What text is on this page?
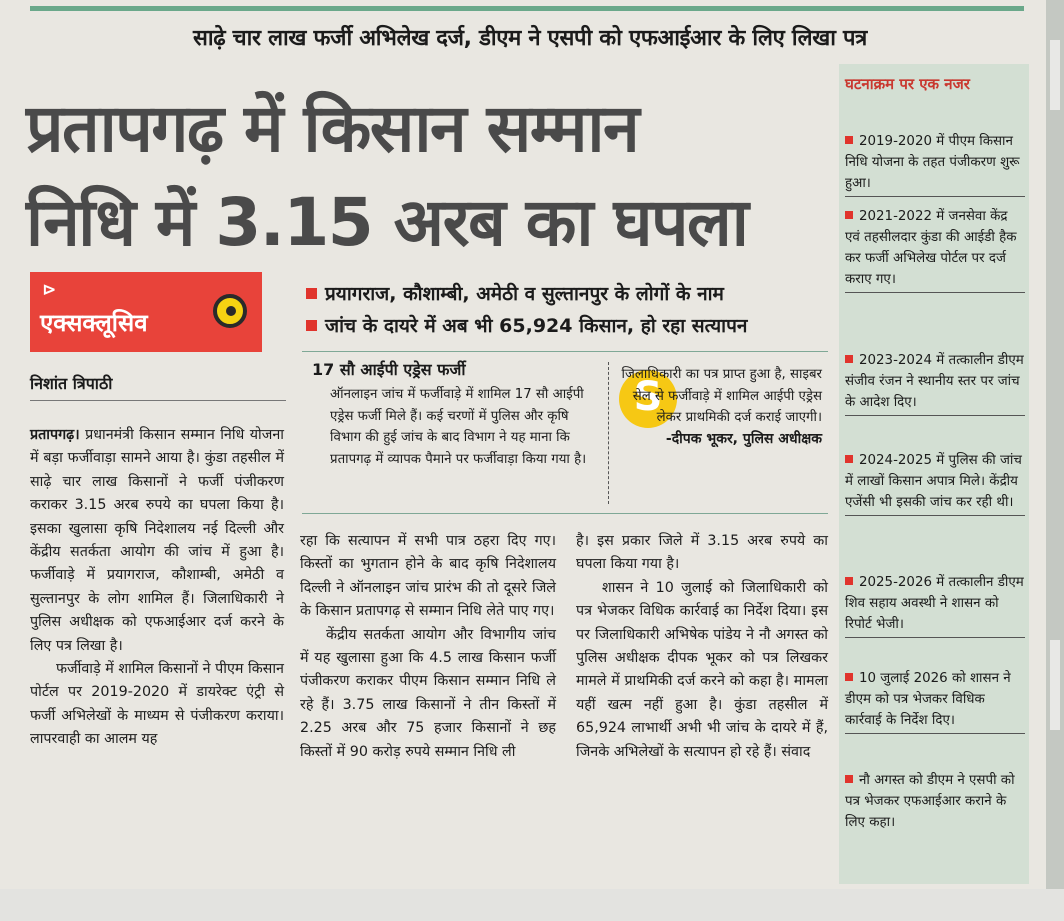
साढ़े चार लाख फर्जी अभिलेख दर्ज, डीएम ने एसपी को एफआईआर के लिए लिखा पत्र
प्रतापगढ़ में किसान सम्मान
निधि में 3.15 अरब का घपला
⊳
एक्सक्लूसिव
प्रयागराज, कौशाम्बी, अमेठी व सुल्तानपुर के लोगों के नाम
जांच के दायरे में अब भी 65,924 किसान, हो रहा सत्यापन
निशांत त्रिपाठी

प्रतापगढ़। प्रधानमंत्री किसान सम्मान निधि योजना में बड़ा फर्जीवाड़ा सामने आया है। कुंडा तहसील में साढ़े चार लाख किसानों ने फर्जी पंजीकरण कराकर 3.15 अरब रुपये का घपला किया है। इसका खुलासा कृषि निदेशालय नई दिल्ली और केंद्रीय सतर्कता आयोग की जांच में हुआ है। फर्जीवाड़े में प्रयागराज, कौशाम्बी, अमेठी व सुल्तानपुर के लोग शामिल हैं। जिलाधिकारी ने पुलिस अधीक्षक को एफआईआर दर्ज करने के लिए पत्र लिखा है।

फर्जीवाड़े में शामिल किसानों ने पीएम किसान पोर्टल पर 2019-2020 में डायरेक्ट एंट्री से फर्जी अभिलेखों के माध्यम से पंजीकरण कराया। लापरवाही का आलम यह

17 सौ आईपी एड्रेस फर्जी
ऑनलाइन जांच में फर्जीवाड़े में शामिल 17 सौ आईपी एड्रेस फर्जी मिले हैं। कई चरणों में पुलिस और कृषि विभाग की हुई जांच के बाद विभाग ने यह माना कि प्रतापगढ़ में व्यापक पैमाने पर फर्जीवाड़ा किया गया है।
S
जिलाधिकारी का पत्र प्राप्त हुआ है, साइबर सेल से फर्जीवाड़े में शामिल आईपी एड्रेस लेकर प्राथमिकी दर्ज कराई जाएगी।
-दीपक भूकर, पुलिस अधीक्षक

रहा कि सत्यापन में सभी पात्र ठहरा दिए गए। किस्तों का भुगतान होने के बाद कृषि निदेशालय दिल्ली ने ऑनलाइन जांच प्रारंभ की तो दूसरे जिले के किसान प्रतापगढ़ से सम्मान निधि लेते पाए गए।

केंद्रीय सतर्कता आयोग और विभागीय जांच में यह खुलासा हुआ कि 4.5 लाख किसान फर्जी पंजीकरण कराकर पीएम किसान सम्मान निधि ले रहे हैं। 3.75 लाख किसानों ने तीन किस्तों में 2.25 अरब और 75 हजार किसानों ने छह किस्तों में 90 करोड़ रुपये सम्मान निधि ली

है। इस प्रकार जिले में 3.15 अरब रुपये का घपला किया गया है।

शासन ने 10 जुलाई को जिलाधिकारी को पत्र भेजकर विधिक कार्रवाई का निर्देश दिया। इस पर जिलाधिकारी अभिषेक पांडेय ने नौ अगस्त को पुलिस अधीक्षक दीपक भूकर को पत्र लिखकर मामले में प्राथमिकी दर्ज करने को कहा है। मामला यहीं खत्म नहीं हुआ है। कुंडा तहसील में 65,924 लाभार्थी अभी भी जांच के दायरे में हैं, जिनके अभिलेखों के सत्यापन हो रहे हैं। संवाद

घटनाक्रम पर एक नजर
2019-2020 में पीएम किसान निधि योजना के तहत पंजीकरण शुरू हुआ।
2021-2022 में जनसेवा केंद्र एवं तहसीलदार कुंडा की आईडी हैक कर फर्जी अभिलेख पोर्टल पर दर्ज कराए गए।
2023-2024 में तत्कालीन डीएम संजीव रंजन ने स्थानीय स्तर पर जांच के आदेश दिए।
2024-2025 में पुलिस की जांच में लाखों किसान अपात्र मिले। केंद्रीय एजेंसी भी इसकी जांच कर रही थी।
2025-2026 में तत्कालीन डीएम शिव सहाय अवस्थी ने शासन को रिपोर्ट भेजी।
10 जुलाई 2026 को शासन ने डीएम को पत्र भेजकर विधिक कार्रवाई के निर्देश दिए।
नौ अगस्त को डीएम ने एसपी को पत्र भेजकर एफआईआर कराने के लिए कहा।
